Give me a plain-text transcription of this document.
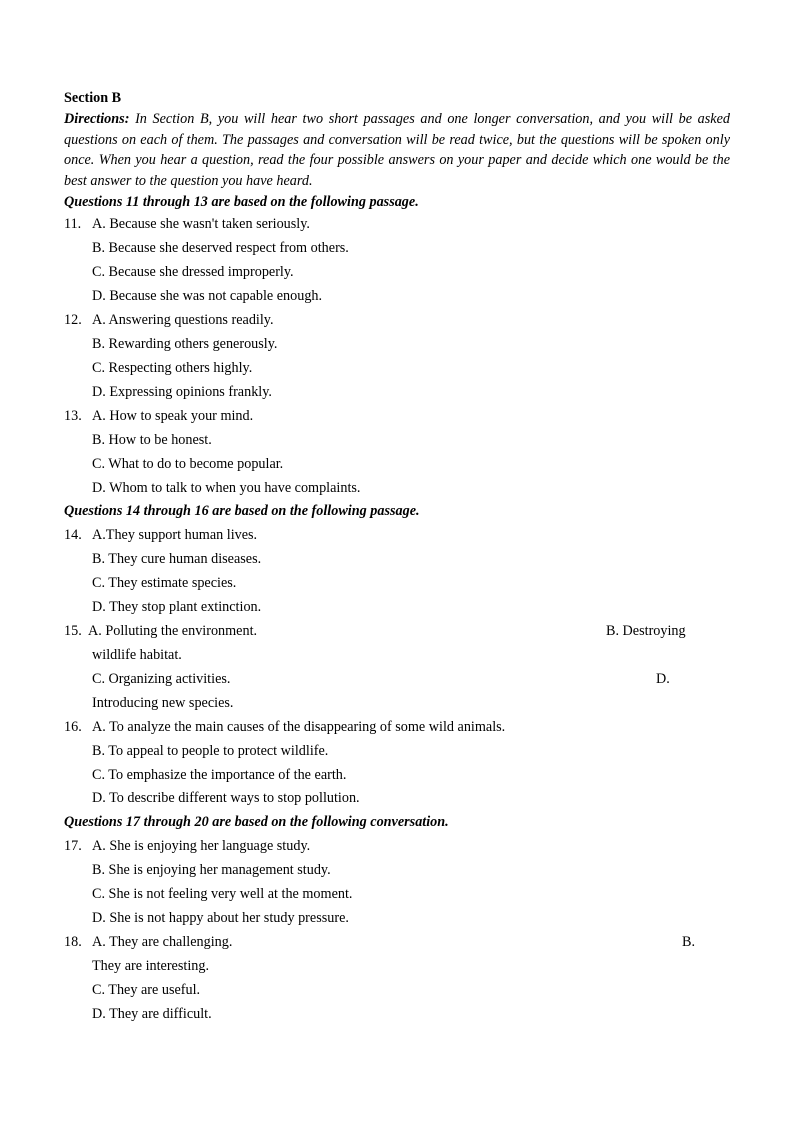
Section B
Directions: In Section B, you will hear two short passages and one longer conversation, and you will be asked questions on each of them. The passages and conversation will be read twice, but the questions will be spoken only once. When you hear a question, read the four possible answers on your paper and decide which one would be the best answer to the question you have heard.
Questions 11 through 13 are based on the following passage.
11. A. Because she wasn't taken seriously.
B. Because she deserved respect from others.
C. Because she dressed improperly.
D. Because she was not capable enough.
12. A. Answering questions readily.
B. Rewarding others generously.
C. Respecting others highly.
D. Expressing opinions frankly.
13. A. How to speak your mind.
B. How to be honest.
C. What to do to become popular.
D. Whom to talk to when you have complaints.
Questions 14 through 16 are based on the following passage.
14. A.They support human lives.
B. They cure human diseases.
C. They estimate species.
D. They stop plant extinction.
15. A. Polluting the environment.	B. Destroying
wildlife habitat.
C. Organizing activities.	D.
Introducing new species.
16. A. To analyze the main causes of the disappearing of some wild animals.
B. To appeal to people to protect wildlife.
C. To emphasize the importance of the earth.
D. To describe different ways to stop pollution.
Questions 17 through 20 are based on the following conversation.
17. A. She is enjoying her language study.
B. She is enjoying her management study.
C. She is not feeling very well at the moment.
D. She is not happy about her study pressure.
18. A. They are challenging.	B.
They are interesting.
C. They are useful.
D. They are difficult.
